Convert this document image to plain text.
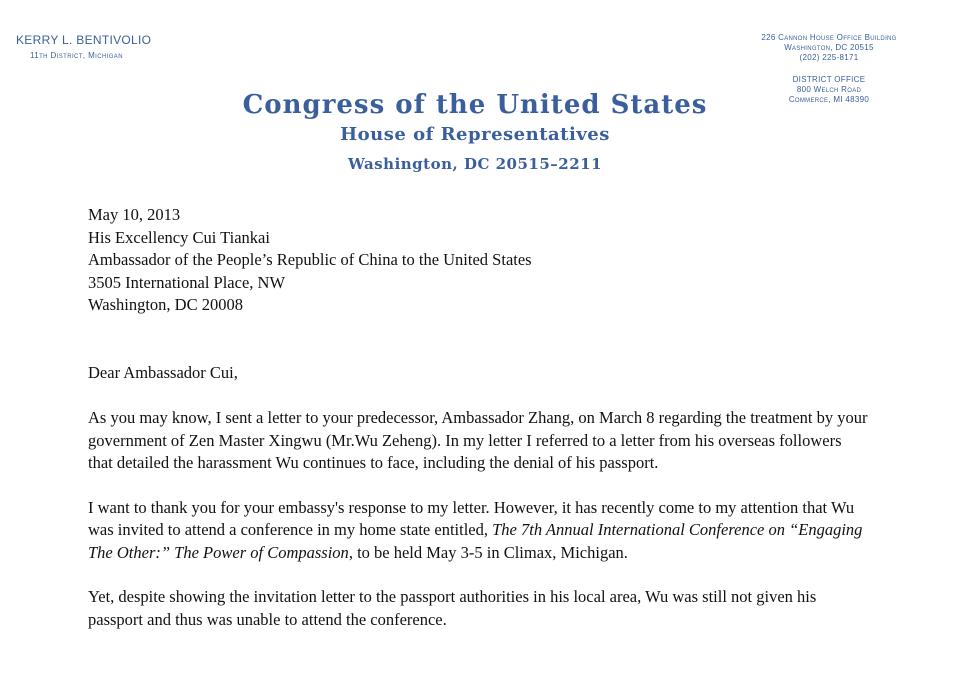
KERRY L. BENTIVOLIO
11th District, Michigan
226 Cannon House Office Building
Washington, DC 20515
(202) 225-8171
DISTRICT OFFICE
800 Welch Road
Commerce, MI 48390
Congress of the United States
House of Representatives
Washington, DC 20515–2211

May 10, 2013

His Excellency Cui Tiankai

Ambassador of the People’s Republic of China to the United States

3505 International Place, NW

Washington, DC 20008

Dear Ambassador Cui,

As you may know, I sent a letter to your predecessor, Ambassador Zhang, on March 8 regarding the treatment by your government of Zen Master Xingwu (Mr.Wu Zeheng). In my letter I referred to a letter from his overseas followers that detailed the harassment Wu continues to face, including the denial of his passport.

I want to thank you for your embassy's response to my letter. However, it has recently come to my attention that Wu was invited to attend a conference in my home state entitled, The 7th Annual International Conference on “Engaging The Other:” The Power of Compassion, to be held May 3-5 in Climax, Michigan.

Yet, despite showing the invitation letter to the passport authorities in his local area, Wu was still not given his passport and thus was unable to attend the conference.
